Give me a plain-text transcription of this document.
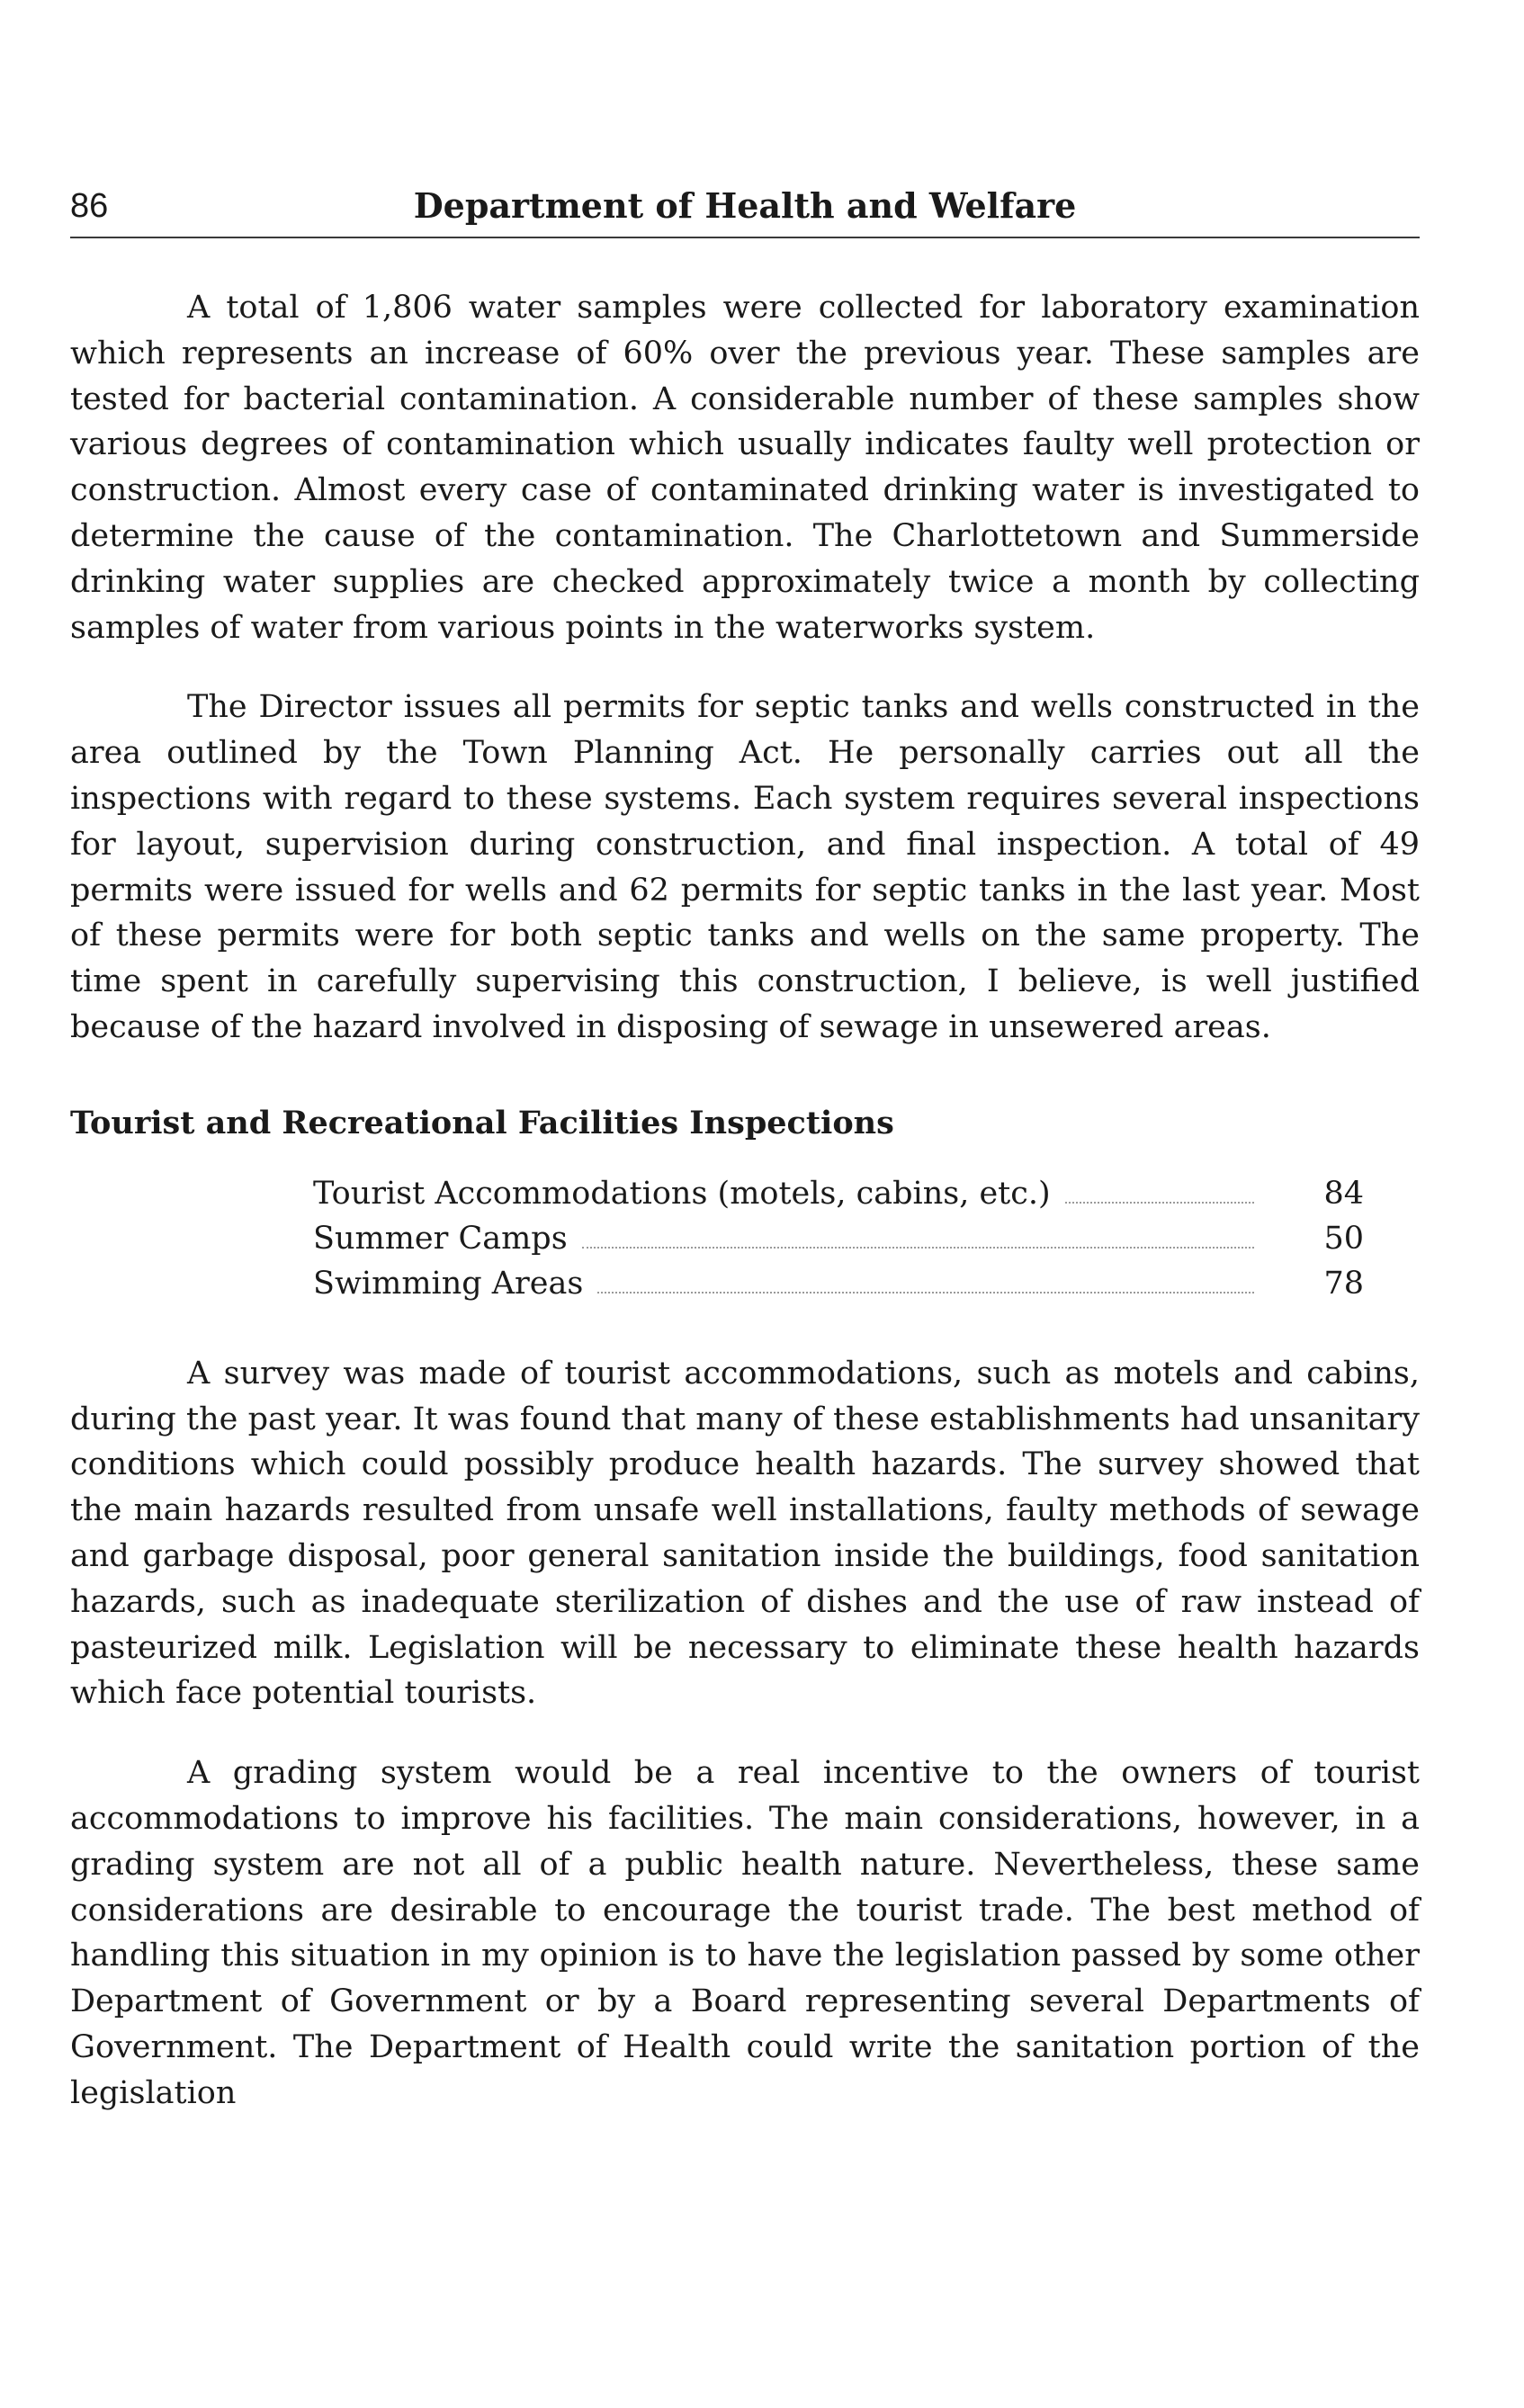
86	Department of Health and Welfare

A total of 1,806 water samples were collected for laboratory examination which represents an increase of 60% over the previous year. These samples are tested for bacterial contamination. A considerable number of these samples show various degrees of contamination which usually indicates faulty well protection or construction. Almost every case of contaminated drinking water is investigated to determine the cause of the contamination. The Charlottetown and Summerside drinking water supplies are checked approximately twice a month by collecting samples of water from various points in the waterworks system.

The Director issues all permits for septic tanks and wells constructed in the area outlined by the Town Planning Act. He personally carries out all the inspections with regard to these systems. Each system requires several inspections for layout, supervision during construction, and final inspection. A total of 49 permits were issued for wells and 62 permits for septic tanks in the last year. Most of these permits were for both septic tanks and wells on the same property. The time spent in carefully supervising this construction, I believe, is well justified because of the hazard involved in disposing of sewage in unsewered areas.

Tourist and Recreational Facilities Inspections
Tourist Accommodations (motels, cabins, etc.)	84

Summer Camps	50

Swimming Areas	78

A survey was made of tourist accommodations, such as motels and cabins, during the past year. It was found that many of these establishments had unsanitary conditions which could possibly produce health hazards. The survey showed that the main hazards resulted from unsafe well installations, faulty methods of sewage and garbage disposal, poor general sanitation inside the buildings, food sanitation hazards, such as inadequate sterilization of dishes and the use of raw instead of pasteurized milk. Legislation will be necessary to eliminate these health hazards which face potential tourists.

A grading system would be a real incentive to the owners of tourist accommodations to improve his facilities. The main considerations, however, in a grading system are not all of a public health nature. Nevertheless, these same considerations are desirable to encourage the tourist trade. The best method of handling this situation in my opinion is to have the legislation passed by some other Department of Government or by a Board representing several Departments of Government. The Department of Health could write the sanitation portion of the legislation
